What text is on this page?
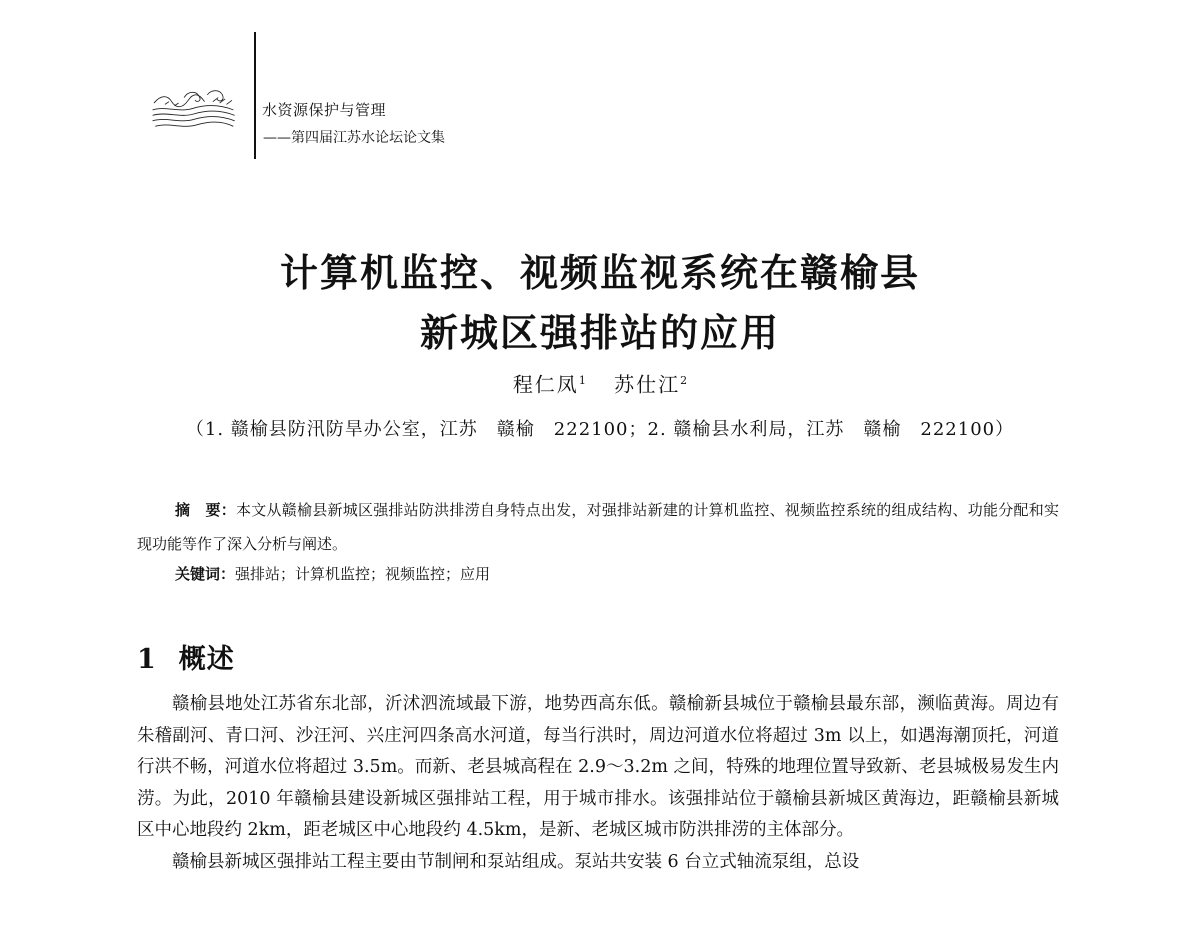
水资源保护与管理
——第四届江苏水论坛论文集
计算机监控、视频监视系统在赣榆县
新城区强排站的应用
程仁凤$^1$ 苏仕江$^2$
（1. 赣榆县防汛防旱办公室，江苏　赣榆　222100；2. 赣榆县水利局，江苏　赣榆　222100）

摘　要：本文从赣榆县新城区强排站防洪排涝自身特点出发，对强排站新建的计算机监控、视频监控系统的组成结构、功能分配和实现功能等作了深入分析与阐述。

关键词：强排站；计算机监控；视频监控；应用
1 概述

赣榆县地处江苏省东北部，沂沭泗流域最下游，地势西高东低。赣榆新县城位于赣榆县最东部，濒临黄海。周边有朱稽副河、青口河、沙汪河、兴庄河四条高水河道，每当行洪时，周边河道水位将超过 3m 以上，如遇海潮顶托，河道行洪不畅，河道水位将超过 3.5m。而新、老县城高程在 2.9～3.2m 之间，特殊的地理位置导致新、老县城极易发生内涝。为此，2010 年赣榆县建设新城区强排站工程，用于城市排水。该强排站位于赣榆县新城区黄海边，距赣榆县新城区中心地段约 2km，距老城区中心地段约 4.5km，是新、老城区城市防洪排涝的主体部分。

赣榆县新城区强排站工程主要由节制闸和泵站组成。泵站共安装 6 台立式轴流泵组，总设
